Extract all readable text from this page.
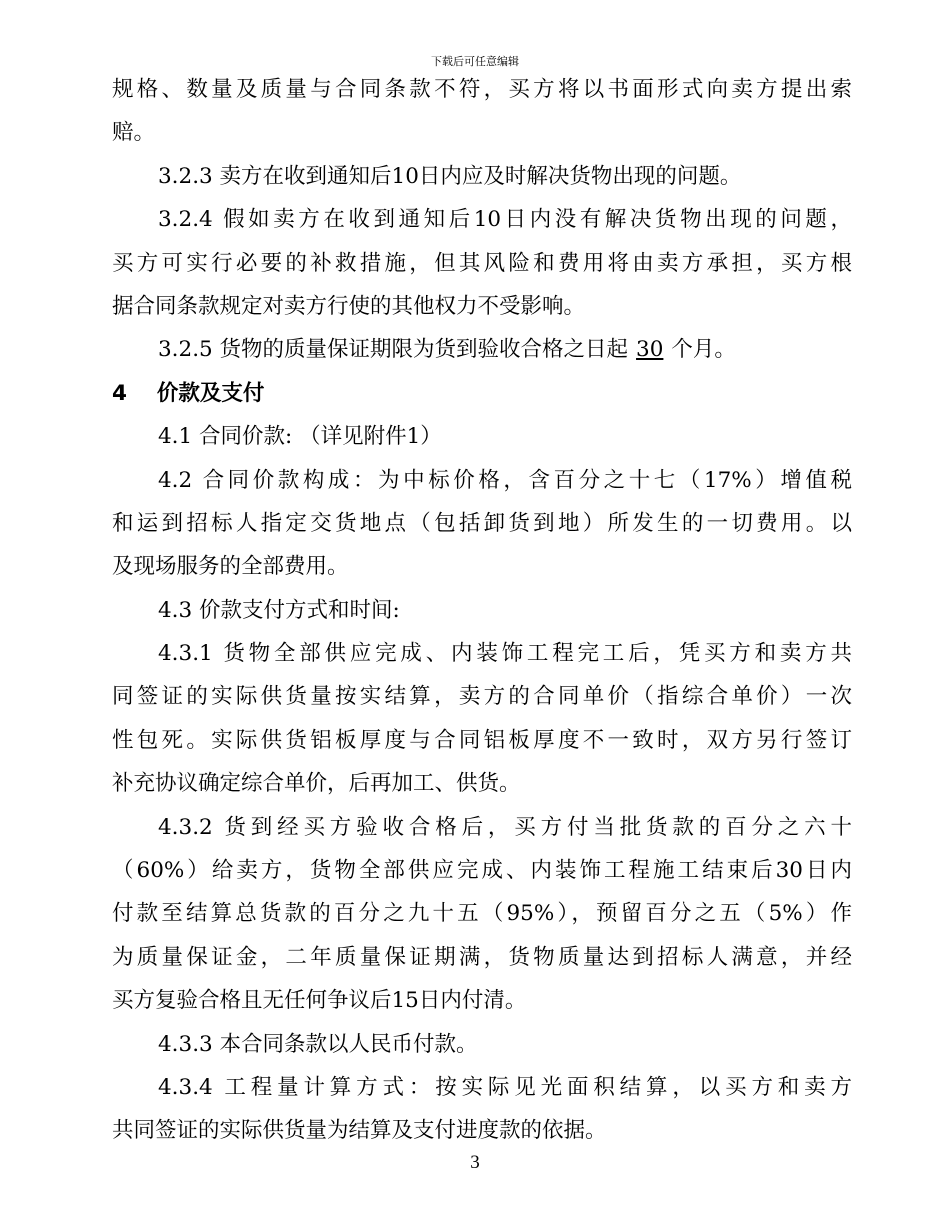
下载后可任意编辑
规格、数量及质量与合同条款不符，买方将以书面形式向卖方提出索
赔。
3.2.3 卖方在收到通知后10日内应及时解决货物出现的问题。
3.2.4 假如卖方在收到通知后10日内没有解决货物出现的问题，
买方可实行必要的补救措施，但其风险和费用将由卖方承担，买方根
据合同条款规定对卖方行使的其他权力不受影响。
3.2.5 货物的质量保证期限为货到验收合格之日起 30 个月。
4 价款及支付
4.1 合同价款: （详见附件1）
4.2 合同价款构成：为中标价格，含百分之十七（17%）增值税
和运到招标人指定交货地点（包括卸货到地）所发生的一切费用。以
及现场服务的全部费用。
4.3 价款支付方式和时间:
4.3.1 货物全部供应完成、内装饰工程完工后，凭买方和卖方共
同签证的实际供货量按实结算，卖方的合同单价（指综合单价）一次
性包死。实际供货铝板厚度与合同铝板厚度不一致时，双方另行签订
补充协议确定综合单价，后再加工、供货。
4.3.2 货到经买方验收合格后，买方付当批货款的百分之六十
（60%）给卖方，货物全部供应完成、内装饰工程施工结束后30日内
付款至结算总货款的百分之九十五（95%），预留百分之五（5%）作
为质量保证金，二年质量保证期满，货物质量达到招标人满意，并经
买方复验合格且无任何争议后15日内付清。
4.3.3 本合同条款以人民币付款。
4.3.4 工程量计算方式：按实际见光面积结算，以买方和卖方
共同签证的实际供货量为结算及支付进度款的依据。
3
